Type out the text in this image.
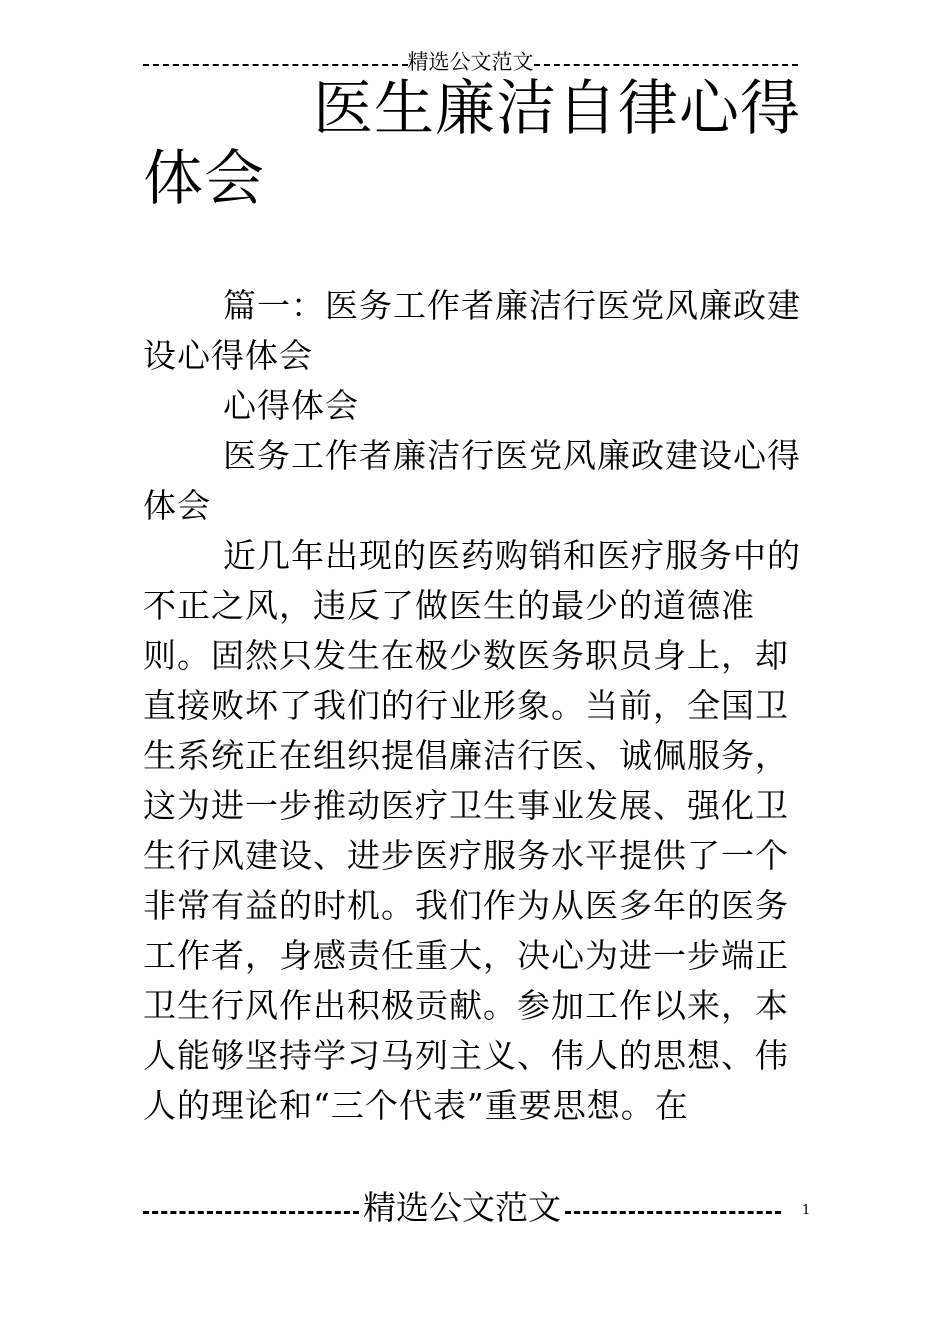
精选公文范文
医生廉洁自律心得
体会

篇一：医务工作者廉洁行医党风廉政建设心得体会

心得体会

医务工作者廉洁行医党风廉政建设心得体会

近几年出现的医药购销和医疗服务中的不正之风，违反了做医生的最少的道德准则。固然只发生在极少数医务职员身上，却直接败坏了我们的行业形象。当前，全国卫生系统正在组织提倡廉洁行医、诚佩服务，这为进一步推动医疗卫生事业发展、强化卫生行风建设、进步医疗服务水平提供了一个非常有益的时机。我们作为从医多年的医务工作者，身感责任重大，决心为进一步端正卫生行风作出积极贡献。参加工作以来，本人能够坚持学习马列主义、伟人的思想、伟人的理论和“三个代表”重要思想。在

精选公文范文	1
